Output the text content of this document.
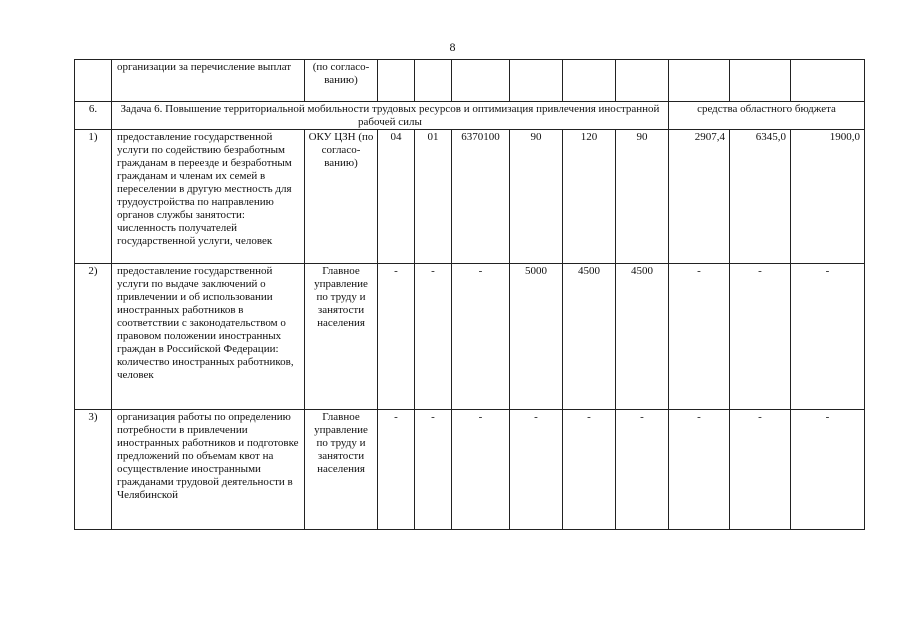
8
	организации за перечисление выплат	(по согласо-ванию)									
6.	Задача 6. Повышение территориальной мобильности трудовых ресурсов и оптимизация привлечения иностранной рабочей силы								средства областного бюджета		
1)	предоставление государственной услуги по содействию безработным гражданам в переезде и безработным гражданам и членам их семей в переселении в другую местность для трудоустройства по направлению органов службы занятости: численность получателей государственной услуги, человек	ОКУ ЦЗН (по согласо-ванию)	04	01	6370100	90	120	90	2907,4	6345,0	1900,0
2)	предоставление государственной услуги по выдаче заключений о привлечении и об использовании иностранных работников в соответствии с законодательством о правовом положении иностранных граждан в Российской Федерации: количество иностранных работников, человек	Главное управление по труду и занятости населения	-	-	-	5000	4500	4500	-	-	-
3)	организация работы по определению потребности в привлечении иностранных работников и подготовке предложений по объемам квот на осуществление иностранными гражданами трудовой деятельности в Челябинской	Главное управление по труду и занятости населения	-	-	-	-	-	-	-	-	-
